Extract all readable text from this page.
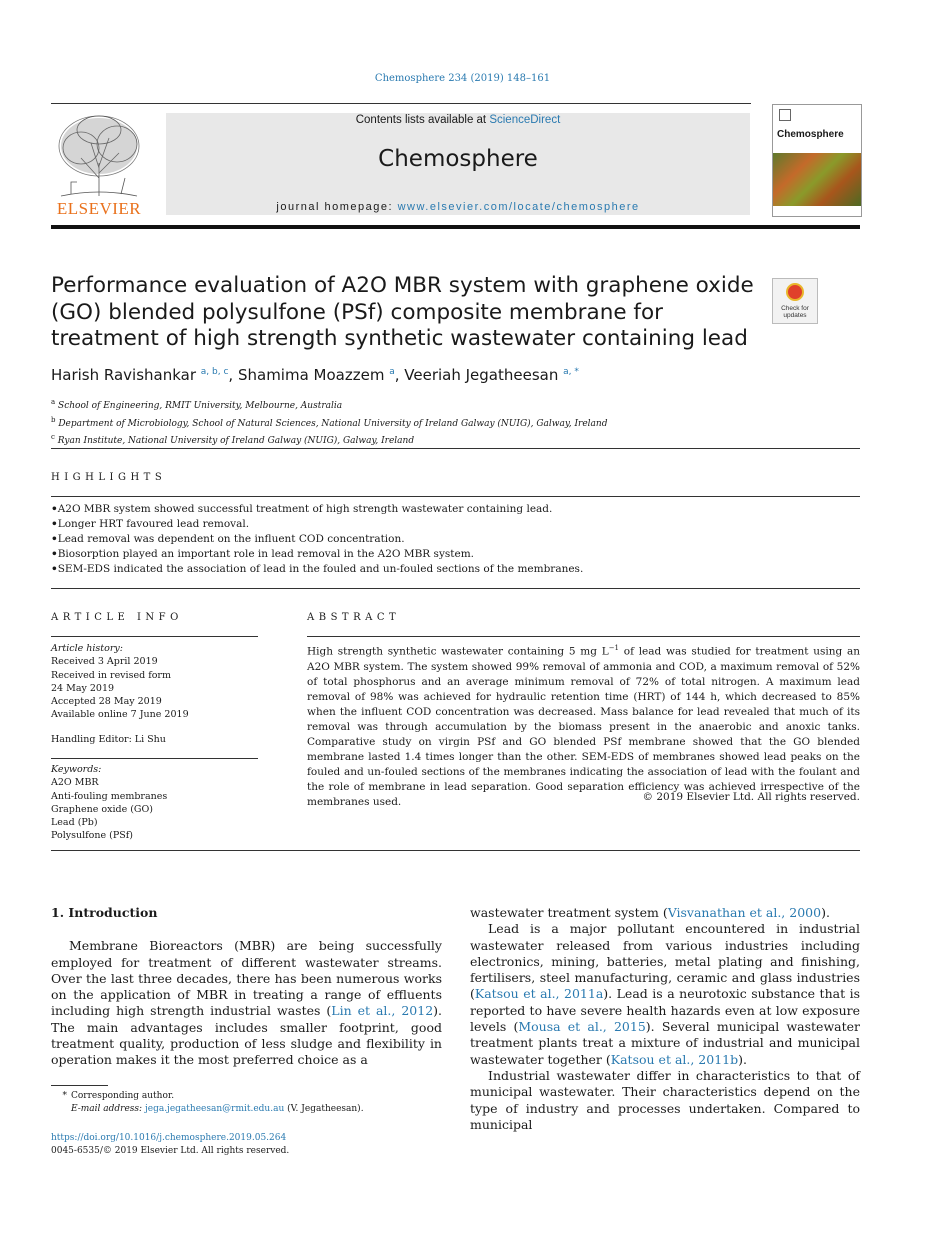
Chemosphere 234 (2019) 148–161
ELSEVIER
Contents lists available at ScienceDirect
Chemosphere
journal homepage: www.elsevier.com/locate/chemosphere
Chemosphere
Performance evaluation of A2O MBR system with graphene oxide (GO) blended polysulfone (PSf) composite membrane for treatment of high strength synthetic wastewater containing lead
Check for updates
Harish Ravishankar $^{a, b, c}$, Shamima Moazzem $^a$, Veeriah Jegatheesan $^{a, *}$
$^a$ School of Engineering, RMIT University, Melbourne, Australia
$^b$ Department of Microbiology, School of Natural Sciences, National University of Ireland Galway (NUIG), Galway, Ireland
$^c$ Ryan Institute, National University of Ireland Galway (NUIG), Galway, Ireland
HIGHLIGHTS
• A2O MBR system showed successful treatment of high strength wastewater containing lead.
• Longer HRT favoured lead removal.
• Lead removal was dependent on the influent COD concentration.
• Biosorption played an important role in lead removal in the A2O MBR system.
• SEM-EDS indicated the association of lead in the fouled and un-fouled sections of the membranes.
ARTICLE INFO	ABSTRACT
Article history:
Received 3 April 2019
Received in revised form
24 May 2019
Accepted 28 May 2019
Available online 7 June 2019
Handling Editor: Li Shu
Keywords:
A2O MBR
Anti-fouling membranes
Graphene oxide (GO)
Lead (Pb)
Polysulfone (PSf)
High strength synthetic wastewater containing 5 mg $L^{-1}$ of lead was studied for treatment using an A2O MBR system. The system showed 99% removal of ammonia and COD, a maximum removal of 52% of total phosphorus and an average minimum removal of 72% of total nitrogen. A maximum lead removal of 98% was achieved for hydraulic retention time (HRT) of 144 h, which decreased to 85% when the influent COD concentration was decreased. Mass balance for lead revealed that much of its removal was through accumulation by the biomass present in the anaerobic and anoxic tanks. Comparative study on virgin PSf and GO blended PSf membrane showed that the GO blended membrane lasted 1.4 times longer than the other. SEM-EDS of membranes showed lead peaks on the fouled and un-fouled sections of the membranes indicating the association of lead with the foulant and the role of membrane in lead separation. Good separation efficiency was achieved irrespective of the membranes used.	© 2019 Elsevier Ltd. All rights reserved.
1. Introduction

Membrane Bioreactors (MBR) are being successfully employed for treatment of different wastewater streams. Over the last three decades, there has been numerous works on the application of MBR in treating a range of effluents including high strength industrial wastes (Lin et al., 2012). The main advantages includes smaller footprint, good treatment quality, production of less sludge and flexibility in operation makes it the most preferred choice as a

wastewater treatment system (Visvanathan et al., 2000).

Lead is a major pollutant encountered in industrial wastewater released from various industries including electronics, mining, batteries, metal plating and finishing, fertilisers, steel manufacturing, ceramic and glass industries (Katsou et al., 2011a). Lead is a neurotoxic substance that is reported to have severe health hazards even at low exposure levels (Mousa et al., 2015). Several municipal wastewater treatment plants treat a mixture of industrial and municipal wastewater together (Katsou et al., 2011b).

Industrial wastewater differ in characteristics to that of municipal wastewater. Their characteristics depend on the type of industry and processes undertaken. Compared to municipal

* Corresponding author.
E-mail address: jega.jegatheesan@rmit.edu.au (V. Jegatheesan).
https://doi.org/10.1016/j.chemosphere.2019.05.264
0045-6535/© 2019 Elsevier Ltd. All rights reserved.
